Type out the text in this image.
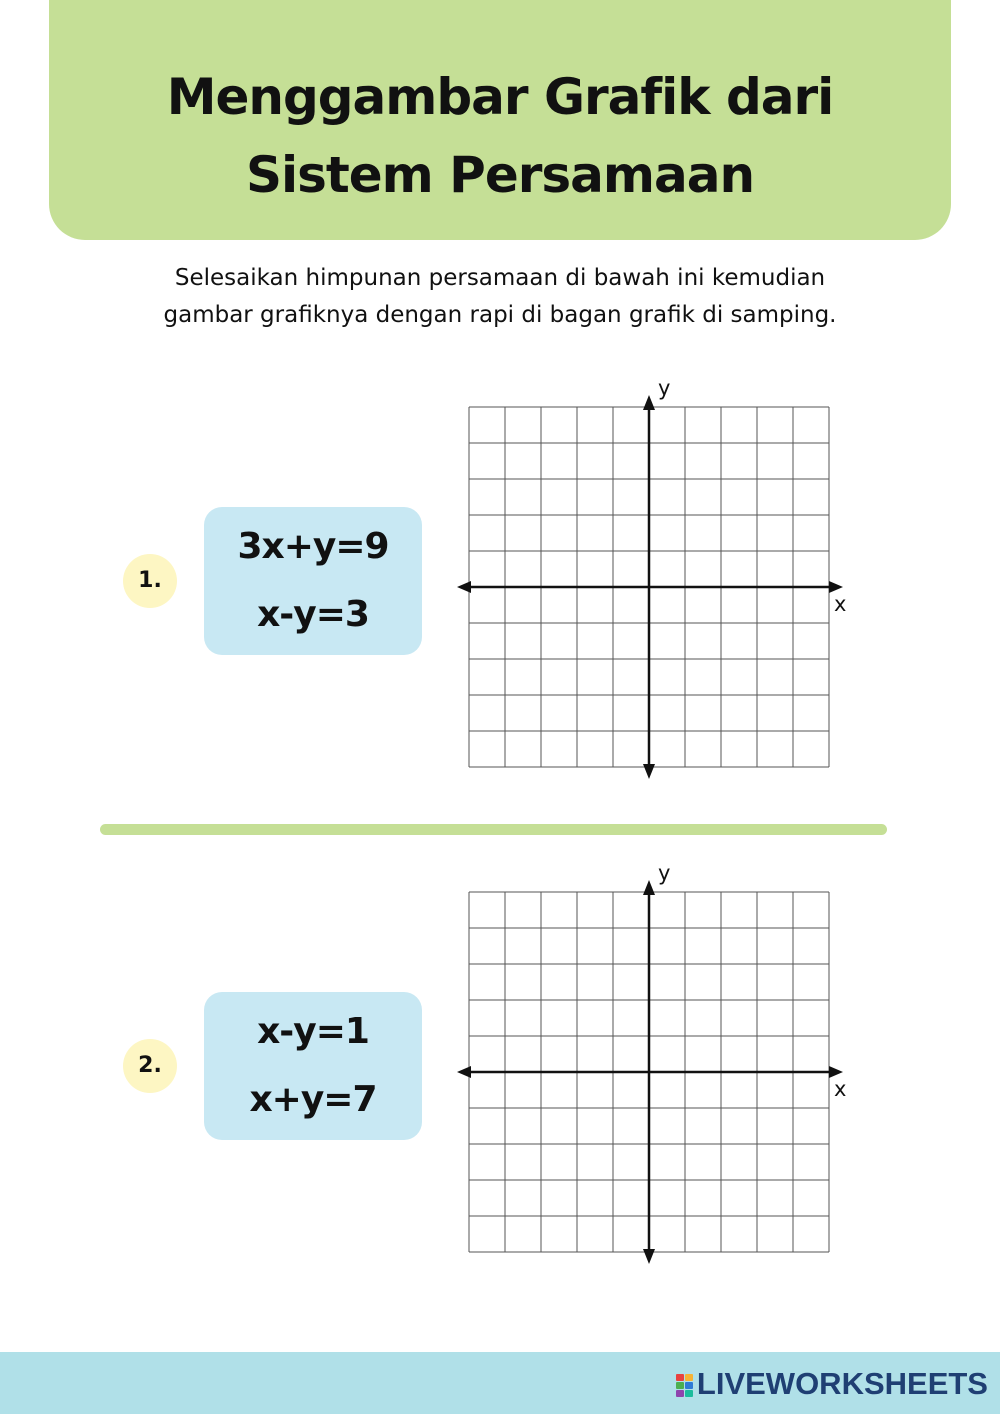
Menggambar Grafik dari
Sistem Persamaan
Selesaikan himpunan persamaan di bawah ini kemudian
gambar grafiknya dengan rapi di bagan grafik di samping.
1.
3x+y=9
x-y=3
y
x
2.
x-y=1
x+y=7
y
x
LIVEWORKSHEETS
